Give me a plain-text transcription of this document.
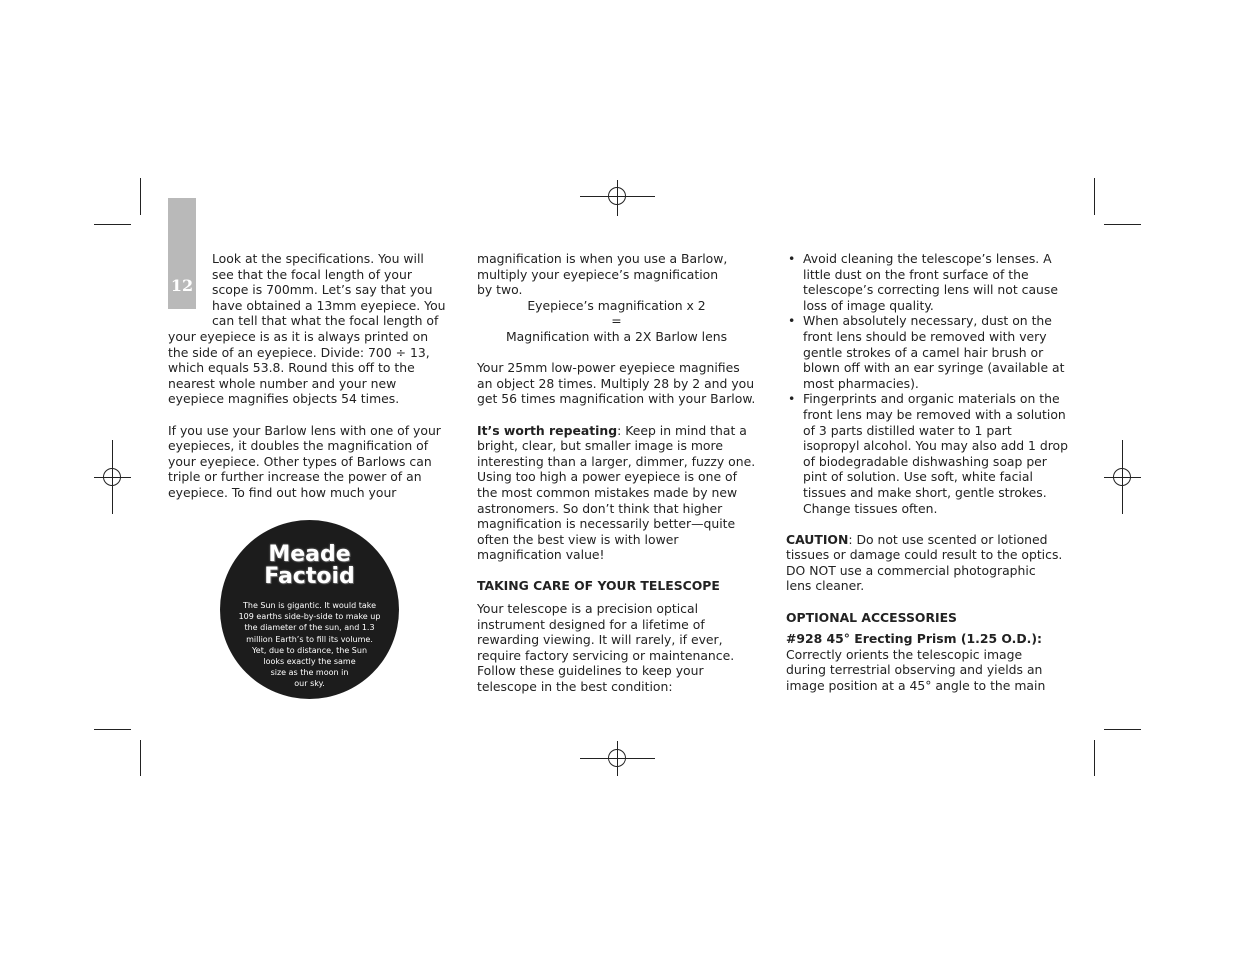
12

Look at the specifications. You will

see that the focal length of your

scope is 700mm. Let’s say that you

have obtained a 13mm eyepiece. You

can tell that what the focal length of

your eyepiece is as it is always printed on

the side of an eyepiece. Divide: 700 ÷ 13,

which equals 53.8. Round this off to the

nearest whole number and your new

eyepiece magnifies objects 54 times.

If you use your Barlow lens with one of your

eyepieces, it doubles the magnification of

your eyepiece. Other types of Barlows can

triple or further increase the power of an

eyepiece. To find out how much your

Meade
Factoid

The Sun is gigantic. It would take

109 earths side-by-side to make up

the diameter of the sun, and 1.3

million Earth’s to fill its volume.

Yet, due to distance, the Sun

looks exactly the same

size as the moon in

our sky.

magnification is when you use a Barlow,

multiply your eyepiece’s magnification

by two.

Eyepiece’s magnification x 2

=

Magnification with a 2X Barlow lens

Your 25mm low-power eyepiece magnifies

an object 28 times. Multiply 28 by 2 and you

get 56 times magnification with your Barlow.

It’s worth repeating: Keep in mind that a

bright, clear, but smaller image is more

interesting than a larger, dimmer, fuzzy one.

Using too high a power eyepiece is one of

the most common mistakes made by new

astronomers. So don’t think that higher

magnification is necessarily better—quite

often the best view is with lower

magnification value!

TAKING CARE OF YOUR TELESCOPE

Your telescope is a precision optical

instrument designed for a lifetime of

rewarding viewing. It will rarely, if ever,

require factory servicing or maintenance.

Follow these guidelines to keep your

telescope in the best condition:

• Avoid cleaning the telescope’s lenses. A

little dust on the front surface of the

telescope’s correcting lens will not cause

loss of image quality.

• When absolutely necessary, dust on the

front lens should be removed with very

gentle strokes of a camel hair brush or

blown off with an ear syringe (available at

most pharmacies).

• Fingerprints and organic materials on the

front lens may be removed with a solution

of 3 parts distilled water to 1 part

isopropyl alcohol. You may also add 1 drop

of biodegradable dishwashing soap per

pint of solution. Use soft, white facial

tissues and make short, gentle strokes.

Change tissues often.

CAUTION: Do not use scented or lotioned

tissues or damage could result to the optics.

DO NOT use a commercial photographic

lens cleaner.

OPTIONAL ACCESSORIES

#928 45° Erecting Prism (1.25 O.D.):

Correctly orients the telescopic image

during terrestrial observing and yields an

image position at a 45° angle to the main
